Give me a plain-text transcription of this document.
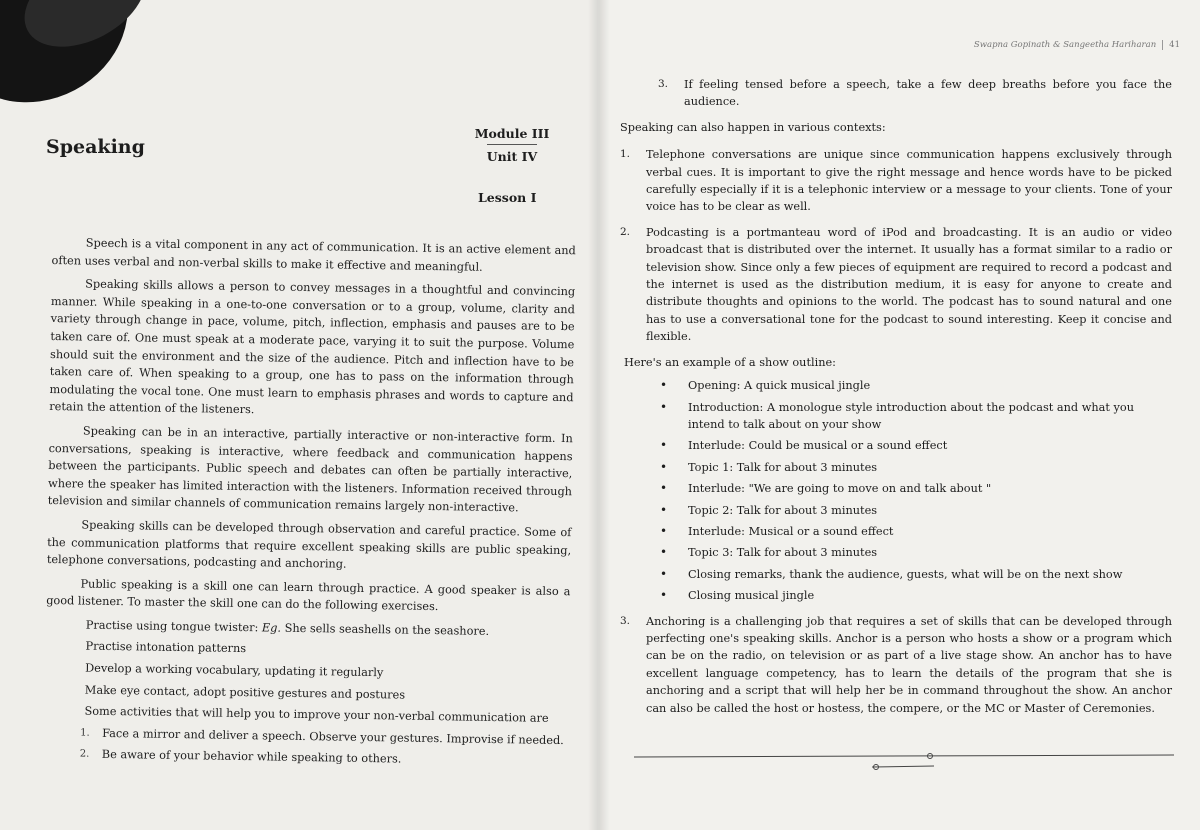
Speaking
Module III
Unit IV
Lesson I

Speech is a vital component in any act of communication. It is an active element and often uses verbal and non-verbal skills to make it effective and meaningful.

Speaking skills allows a person to convey messages in a thoughtful and convincing manner. While speaking in a one-to-one conversation or to a group, volume, clarity and variety through change in pace, volume, pitch, inflection, emphasis and pauses are to be taken care of. One must speak at a moderate pace, varying it to suit the purpose. Volume should suit the environment and the size of the audience. Pitch and inflection have to be taken care of. When speaking to a group, one has to pass on the information through modulating the vocal tone. One must learn to emphasis phrases and words to capture and retain the attention of the listeners.

Speaking can be in an interactive, partially interactive or non-interactive form. In conversations, speaking is interactive, where feedback and communication happens between the participants. Public speech and debates can often be partially interactive, where the speaker has limited interaction with the listeners. Information received through television and similar channels of communication remains largely non-interactive.

Speaking skills can be developed through observation and careful practice. Some of the communication platforms that require excellent speaking skills are public speaking, telephone conversations, podcasting and anchoring.

Public speaking is a skill one can learn through practice. A good speaker is also a good listener. To master the skill one can do the following exercises.

Practise using tongue twister: Eg. She sells seashells on the seashore.
Practise intonation patterns
Develop a working vocabulary, updating it regularly
Make eye contact, adopt positive gestures and postures
Some activities that will help you to improve your non-verbal communication are
1.	Face a mirror and deliver a speech. Observe your gestures. Improvise if needed.
2.	Be aware of your behavior while speaking to others.
Swapna Gopinath & Sangeetha Hariharan 41
3.	If feeling tensed before a speech, take a few deep breaths before you face the audience.

Speaking can also happen in various contexts:

1.	Telephone conversations are unique since communication happens exclusively through verbal cues. It is important to give the right message and hence words have to be picked carefully especially if it is a telephonic interview or a message to your clients. Tone of your voice has to be clear as well.
2.	Podcasting is a portmanteau word of iPod and broadcasting. It is an audio or video broadcast that is distributed over the internet. It usually has a format similar to a radio or television show. Since only a few pieces of equipment are required to record a podcast and the internet is used as the distribution medium, it is easy for anyone to create and distribute thoughts and opinions to the world. The podcast has to sound natural and one has to use a conversational tone for the podcast to sound interesting. Keep it concise and flexible.

Here's an example of a show outline:

•	Opening: A quick musical jingle
•	Introduction: A monologue style introduction about the podcast and what you intend to talk about on your show
•	Interlude: Could be musical or a sound effect
•	Topic 1: Talk for about 3 minutes
•	Interlude: "We are going to move on and talk about "
•	Topic 2: Talk for about 3 minutes
•	Interlude: Musical or a sound effect
•	Topic 3: Talk for about 3 minutes
•	Closing remarks, thank the audience, guests, what will be on the next show
•	Closing musical jingle
3.	Anchoring is a challenging job that requires a set of skills that can be developed through perfecting one's speaking skills. Anchor is a person who hosts a show or a program which can be on the radio, on television or as part of a live stage show. An anchor has to have excellent language competency, has to learn the details of the program that she is anchoring and a script that will help her be in command throughout the show. An anchor can also be called the host or hostess, the compere, or the MC or Master of Ceremonies.
